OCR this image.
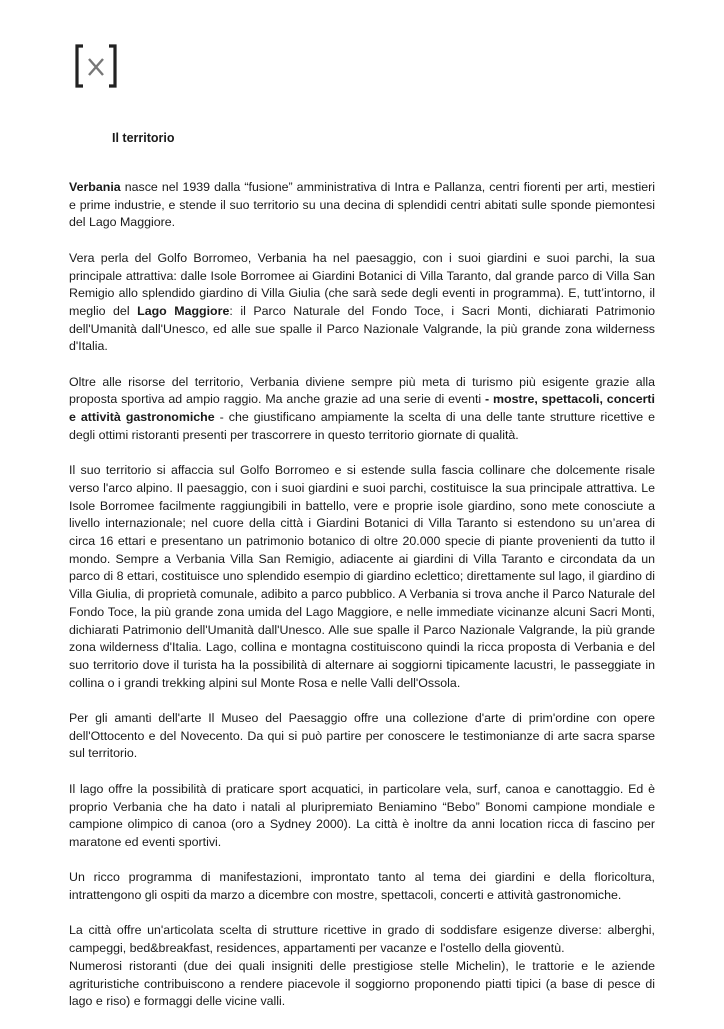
Il territorio

Verbania nasce nel 1939 dalla “fusione” amministrativa di Intra e Pallanza, centri fiorenti per arti, mestieri e prime industrie, e stende il suo territorio su una decina di splendidi centri abitati sulle sponde piemontesi del Lago Maggiore.

Vera perla del Golfo Borromeo, Verbania ha nel paesaggio, con i suoi giardini e suoi parchi, la sua principale attrattiva: dalle Isole Borromee ai Giardini Botanici di Villa Taranto, dal grande parco di Villa San Remigio allo splendido giardino di Villa Giulia (che sarà sede degli eventi in programma). E, tutt’intorno, il meglio del Lago Maggiore: il Parco Naturale del Fondo Toce, i Sacri Monti, dichiarati Patrimonio dell'Umanità dall'Unesco, ed alle sue spalle il Parco Nazionale Valgrande, la più grande zona wilderness d'Italia.

Oltre alle risorse del territorio, Verbania diviene sempre più meta di turismo più esigente grazie alla proposta sportiva ad ampio raggio. Ma anche grazie ad una serie di eventi - mostre, spettacoli, concerti e attività gastronomiche - che giustificano ampiamente la scelta di una delle tante strutture ricettive e degli ottimi ristoranti presenti per trascorrere in questo territorio giornate di qualità.

Il suo territorio si affaccia sul Golfo Borromeo e si estende sulla fascia collinare che dolcemente risale verso l'arco alpino. Il paesaggio, con i suoi giardini e suoi parchi, costituisce la sua principale attrattiva. Le Isole Borromee facilmente raggiungibili in battello, vere e proprie isole giardino, sono mete conosciute a livello internazionale; nel cuore della città i Giardini Botanici di Villa Taranto si estendono su un’area di circa 16 ettari e presentano un patrimonio botanico di oltre 20.000 specie di piante provenienti da tutto il mondo. Sempre a Verbania Villa San Remigio, adiacente ai giardini di Villa Taranto e circondata da un parco di 8 ettari, costituisce uno splendido esempio di giardino eclettico; direttamente sul lago, il giardino di Villa Giulia, di proprietà comunale, adibito a parco pubblico. A Verbania si trova anche il Parco Naturale del Fondo Toce, la più grande zona umida del Lago Maggiore, e nelle immediate vicinanze alcuni Sacri Monti, dichiarati Patrimonio dell'Umanità dall'Unesco. Alle sue spalle il Parco Nazionale Valgrande, la più grande zona wilderness d'Italia. Lago, collina e montagna costituiscono quindi la ricca proposta di Verbania e del suo territorio dove il turista ha la possibilità di alternare ai soggiorni tipicamente lacustri, le passeggiate in collina o i grandi trekking alpini sul Monte Rosa e nelle Valli dell'Ossola.

Per gli amanti dell'arte Il Museo del Paesaggio offre una collezione d'arte di prim'ordine con opere dell'Ottocento e del Novecento. Da qui si può partire per conoscere le testimonianze di arte sacra sparse sul territorio.

Il lago offre la possibilità di praticare sport acquatici, in particolare vela, surf, canoa e canottaggio. Ed è proprio Verbania che ha dato i natali al pluripremiato Beniamino “Bebo” Bonomi campione mondiale e campione olimpico di canoa (oro a Sydney 2000). La città è inoltre da anni location ricca di fascino per maratone ed eventi sportivi.

Un ricco programma di manifestazioni, improntato tanto al tema dei giardini e della floricoltura, intrattengono gli ospiti da marzo a dicembre con mostre, spettacoli, concerti e attività gastronomiche.

La città offre un'articolata scelta di strutture ricettive in grado di soddisfare esigenze diverse: alberghi, campeggi, bed&breakfast, residences, appartamenti per vacanze e l'ostello della gioventù.

Numerosi ristoranti (due dei quali insigniti delle prestigiose stelle Michelin), le trattorie e le aziende agrituristiche contribuiscono a rendere piacevole il soggiorno proponendo piatti tipici (a base di pesce di lago e riso) e formaggi delle vicine valli.
